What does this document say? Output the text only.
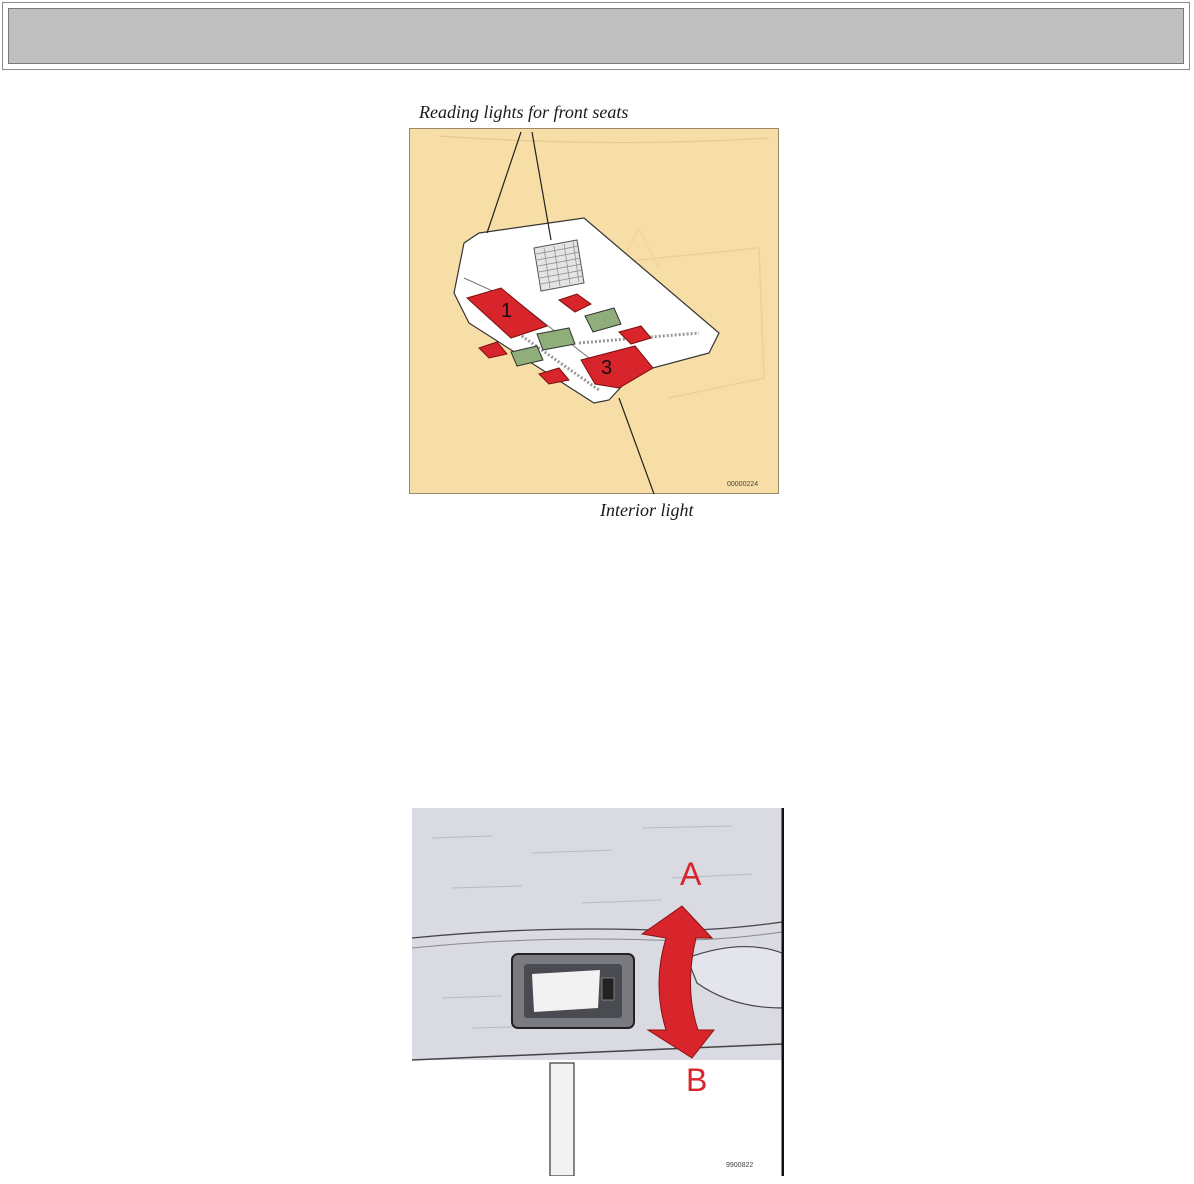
Reading lights for front seats
Interior light
1
3
00000224
A
B
9900822
